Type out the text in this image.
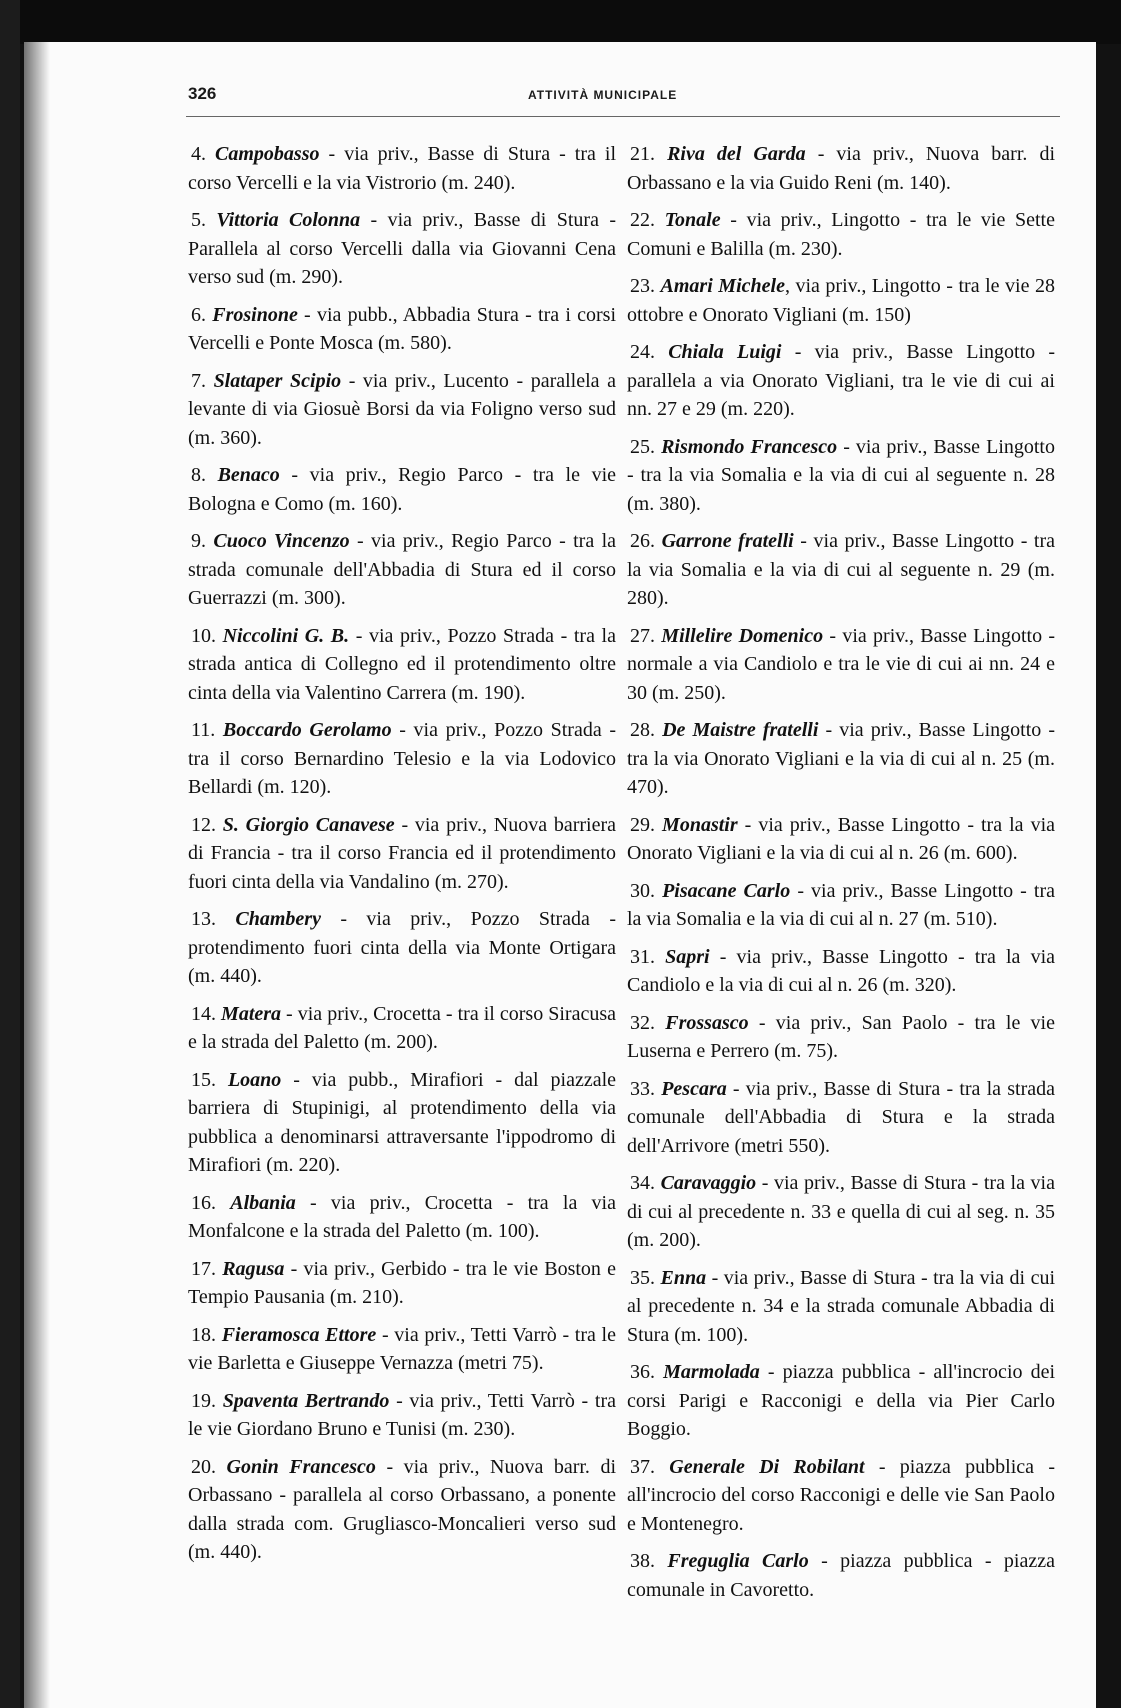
326	ATTIVITÀ MUNICIPALE

4. Campobasso - via priv., Basse di Stura - tra il corso Vercelli e la via Vistrorio (m. 240).

5. Vittoria Colonna - via priv., Basse di Stura - Parallela al corso Vercelli dalla via Giovanni Cena verso sud (m. 290).

6. Frosinone - via pubb., Abbadia Stura - tra i corsi Vercelli e Ponte Mosca (m. 580).

7. Slataper Scipio - via priv., Lucento - parallela a levante di via Giosuè Borsi da via Foligno verso sud (m. 360).

8. Benaco - via priv., Regio Parco - tra le vie Bologna e Como (m. 160).

9. Cuoco Vincenzo - via priv., Regio Parco - tra la strada comunale dell'Abbadia di Stura ed il corso Guerrazzi (m. 300).

10. Niccolini G. B. - via priv., Pozzo Strada - tra la strada antica di Collegno ed il protendimento oltre cinta della via Valentino Carrera (m. 190).

11. Boccardo Gerolamo - via priv., Pozzo Strada - tra il corso Bernardino Telesio e la via Lodovico Bellardi (m. 120).

12. S. Giorgio Canavese - via priv., Nuova barriera di Francia - tra il corso Francia ed il protendimento fuori cinta della via Vandalino (m. 270).

13. Chambery - via priv., Pozzo Strada - protendimento fuori cinta della via Monte Ortigara (m. 440).

14. Matera - via priv., Crocetta - tra il corso Siracusa e la strada del Paletto (m. 200).

15. Loano - via pubb., Mirafiori - dal piazzale barriera di Stupinigi, al protendimento della via pubblica a denominarsi attraversante l'ippodromo di Mirafiori (m. 220).

16. Albania - via priv., Crocetta - tra la via Monfalcone e la strada del Paletto (m. 100).

17. Ragusa - via priv., Gerbido - tra le vie Boston e Tempio Pausania (m. 210).

18. Fieramosca Ettore - via priv., Tetti Varrò - tra le vie Barletta e Giuseppe Vernazza (metri 75).

19. Spaventa Bertrando - via priv., Tetti Varrò - tra le vie Giordano Bruno e Tunisi (m. 230).

20. Gonin Francesco - via priv., Nuova barr. di Orbassano - parallela al corso Orbassano, a ponente dalla strada com. Grugliasco-Moncalieri verso sud (m. 440).

21. Riva del Garda - via priv., Nuova barr. di Orbassano e la via Guido Reni (m. 140).

22. Tonale - via priv., Lingotto - tra le vie Sette Comuni e Balilla (m. 230).

23. Amari Michele, via priv., Lingotto - tra le vie 28 ottobre e Onorato Vigliani (m. 150)

24. Chiala Luigi - via priv., Basse Lingotto - parallela a via Onorato Vigliani, tra le vie di cui ai nn. 27 e 29 (m. 220).

25. Rismondo Francesco - via priv., Basse Lingotto - tra la via Somalia e la via di cui al seguente n. 28 (m. 380).

26. Garrone fratelli - via priv., Basse Lingotto - tra la via Somalia e la via di cui al seguente n. 29 (m. 280).

27. Millelire Domenico - via priv., Basse Lingotto - normale a via Candiolo e tra le vie di cui ai nn. 24 e 30 (m. 250).

28. De Maistre fratelli - via priv., Basse Lingotto - tra la via Onorato Vigliani e la via di cui al n. 25 (m. 470).

29. Monastir - via priv., Basse Lingotto - tra la via Onorato Vigliani e la via di cui al n. 26 (m. 600).

30. Pisacane Carlo - via priv., Basse Lingotto - tra la via Somalia e la via di cui al n. 27 (m. 510).

31. Sapri - via priv., Basse Lingotto - tra la via Candiolo e la via di cui al n. 26 (m. 320).

32. Frossasco - via priv., San Paolo - tra le vie Luserna e Perrero (m. 75).

33. Pescara - via priv., Basse di Stura - tra la strada comunale dell'Abbadia di Stura e la strada dell'Arrivore (metri 550).

34. Caravaggio - via priv., Basse di Stura - tra la via di cui al precedente n. 33 e quella di cui al seg. n. 35 (m. 200).

35. Enna - via priv., Basse di Stura - tra la via di cui al precedente n. 34 e la strada comunale Abbadia di Stura (m. 100).

36. Marmolada - piazza pubblica - all'incrocio dei corsi Parigi e Racconigi e della via Pier Carlo Boggio.

37. Generale Di Robilant - piazza pubblica - all'incrocio del corso Racconigi e delle vie San Paolo e Montenegro.

38. Freguglia Carlo - piazza pubblica - piazza comunale in Cavoretto.
